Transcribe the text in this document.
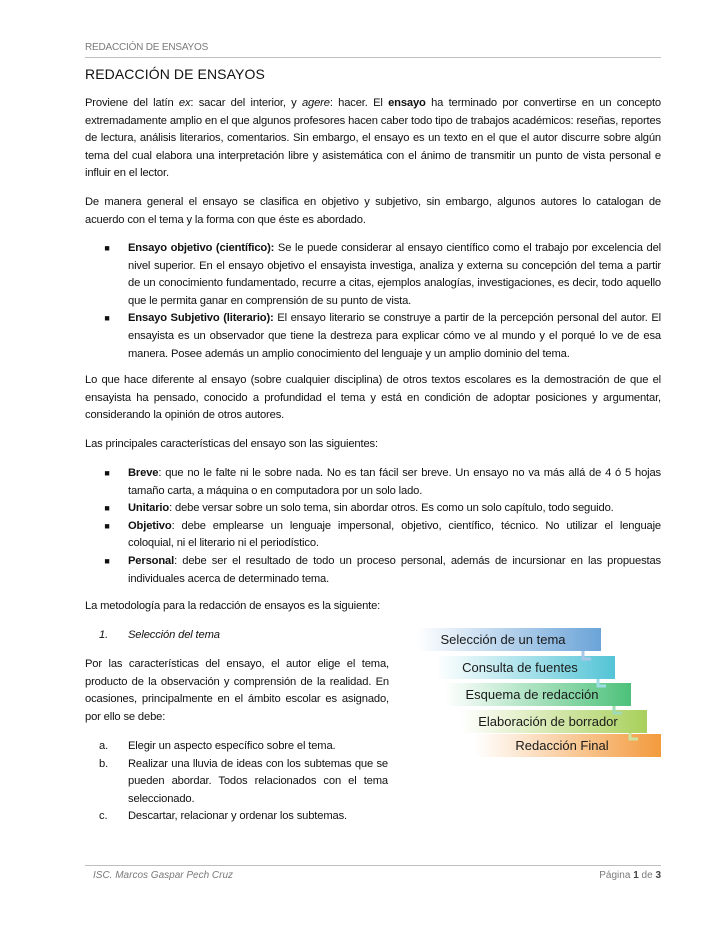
REDACCIÓN DE ENSAYOS
REDACCIÓN DE ENSAYOS

Proviene del latín ex: sacar del interior, y agere: hacer. El ensayo ha terminado por convertirse en un concepto extremadamente amplio en el que algunos profesores hacen caber todo tipo de trabajos académicos: reseñas, reportes de lectura, análisis literarios, comentarios. Sin embargo, el ensayo es un texto en el que el autor discurre sobre algún tema del cual elabora una interpretación libre y asistemática con el ánimo de transmitir un punto de vista personal e influir en el lector.

De manera general el ensayo se clasifica en objetivo y subjetivo, sin embargo, algunos autores lo catalogan de acuerdo con el tema y la forma con que éste es abordado.

■ Ensayo objetivo (científico): Se le puede considerar al ensayo científico como el trabajo por excelencia del nivel superior. En el ensayo objetivo el ensayista investiga, analiza y externa su concepción del tema a partir de un conocimiento fundamentado, recurre a citas, ejemplos analogías, investigaciones, es decir, todo aquello que le permita ganar en comprensión de su punto de vista.
■ Ensayo Subjetivo (literario): El ensayo literario se construye a partir de la percepción personal del autor. El ensayista es un observador que tiene la destreza para explicar cómo ve al mundo y el porqué lo ve de esa manera. Posee además un amplio conocimiento del lenguaje y un amplio dominio del tema.

Lo que hace diferente al ensayo (sobre cualquier disciplina) de otros textos escolares es la demostración de que el ensayista ha pensado, conocido a profundidad el tema y está en condición de adoptar posiciones y argumentar, considerando la opinión de otros autores.

Las principales características del ensayo son las siguientes:

■ Breve: que no le falte ni le sobre nada. No es tan fácil ser breve. Un ensayo no va más allá de 4 ó 5 hojas tamaño carta, a máquina o en computadora por un solo lado.
■ Unitario: debe versar sobre un solo tema, sin abordar otros. Es como un solo capítulo, todo seguido.
■ Objetivo: debe emplearse un lenguaje impersonal, objetivo, científico, técnico. No utilizar el lenguaje coloquial, ni el literario ni el periodístico.
■ Personal: debe ser el resultado de todo un proceso personal, además de incursionar en las propuestas individuales acerca de determinado tema.

La metodología para la redacción de ensayos es la siguiente:

1. Selección del tema

Por las características del ensayo, el autor elige el tema, producto de la observación y comprensión de la realidad. En ocasiones, principalmente en el ámbito escolar es asignado, por ello se debe:

a. Elegir un aspecto específico sobre el tema.
b. Realizar una lluvia de ideas con los subtemas que se pueden abordar. Todos relacionados con el tema seleccionado.
c. Descartar, relacionar y ordenar los subtemas.
Selección de un tema
Consulta de fuentes
Esquema de redacción
Elaboración de borrador
Redacción Final
ISC. Marcos Gaspar Pech Cruz	Página 1 de 3
